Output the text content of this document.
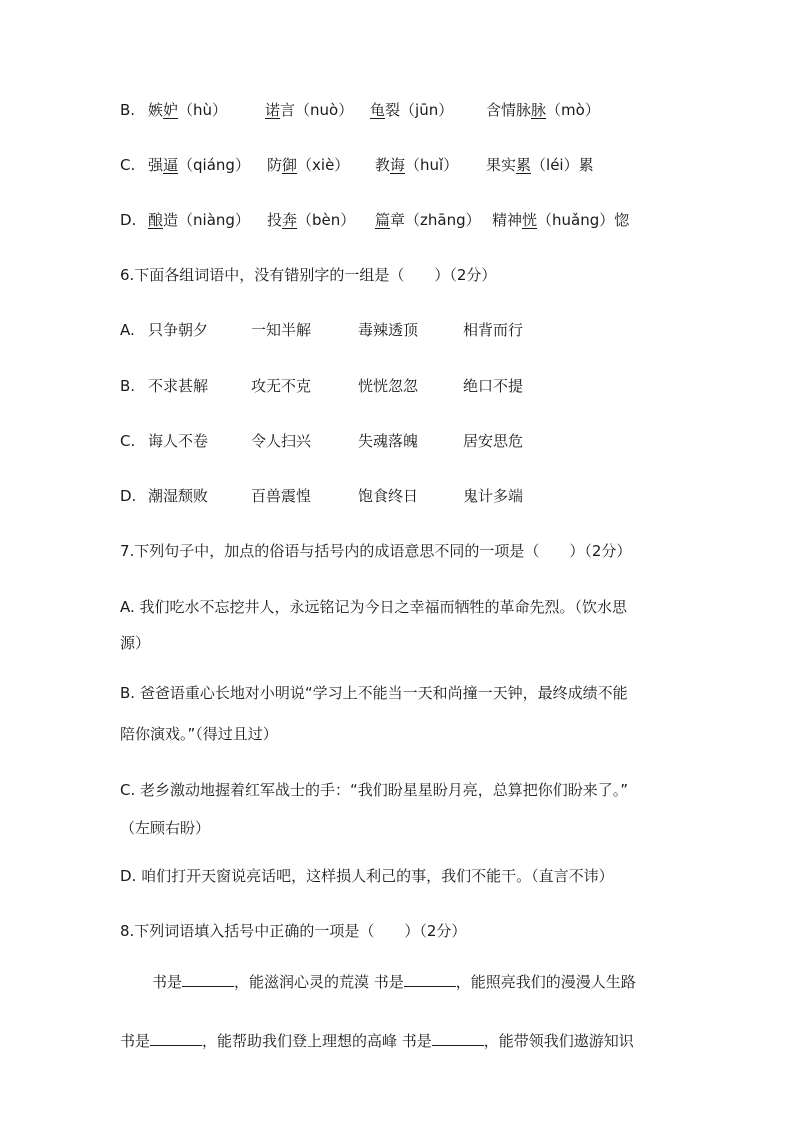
B. 嫉妒（hù）	诺言（nuò） 龟裂（jūn） 含情脉脉（mò）
C. 强逼（qiáng） 防御（xiè） 教诲（huǐ） 果实累（léi）累
D. 酿造（niàng） 投奔（bèn） 篇章（zhāng） 精神恍（huǎng）惚
6.下面各组词语中，没有错别字的一组是（　　）（2分）
A. 只争朝夕	一知半解	毒辣透顶	相背而行
B. 不求甚解	攻无不克	恍恍忽忽	绝口不提
C. 诲人不卷	令人扫兴	失魂落魄	居安思危
D. 潮湿颓败	百兽震惶	饱食终日	鬼计多端
7.下列句子中，加点的俗语与括号内的成语意思不同的一项是（　　）（2分）
A. 我们吃水不忘挖井人，永远铭记为今日之幸福而牺牲的革命先烈。（饮水思
源）
B. 爸爸语重心长地对小明说“学习上不能当一天和尚撞一天钟，最终成绩不能
陪你演戏。”（得过且过）
C. 老乡激动地握着红军战士的手：“我们盼星星盼月亮，总算把你们盼来了。”
（左顾右盼）
D. 咱们打开天窗说亮话吧，这样损人利己的事，我们不能干。（直言不讳）
8.下列词语填入括号中正确的一项是（　　）（2分）
书是	，能滋润心灵的荒漠 书是	，能照亮我们的漫漫人生路
书是	，能帮助我们登上理想的高峰 书是	，能带领我们遨游知识
